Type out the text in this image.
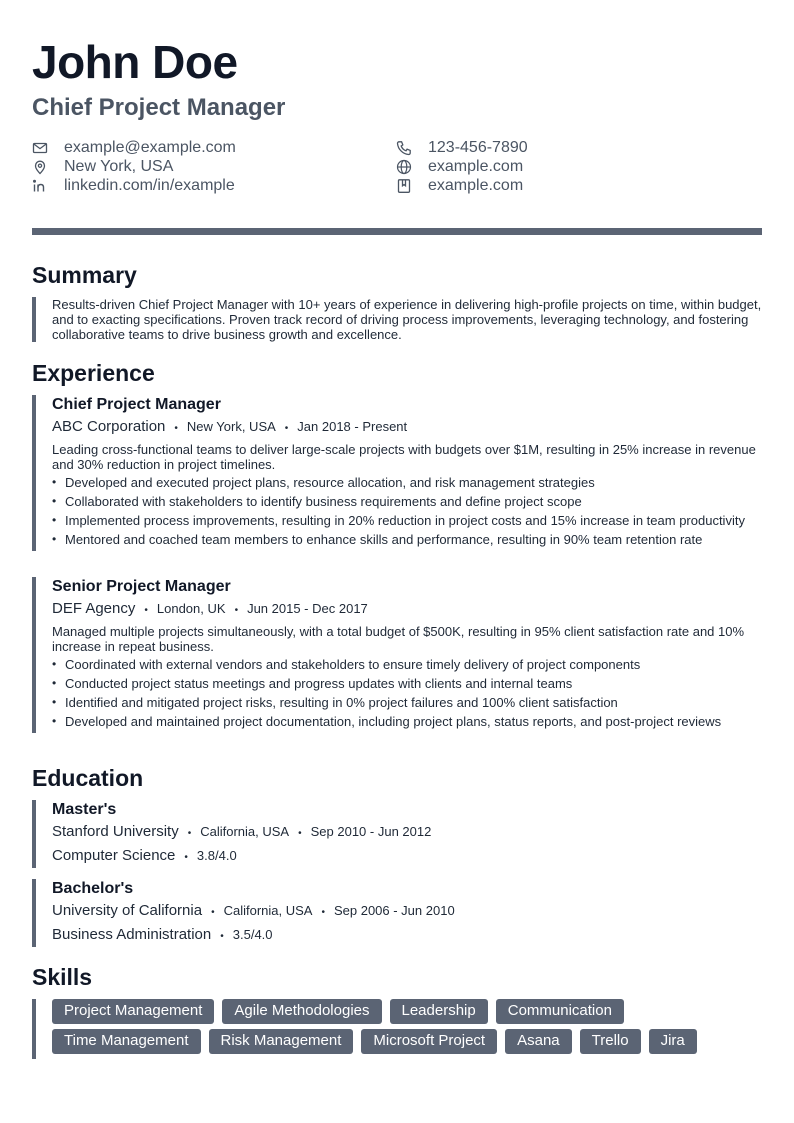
John Doe
Chief Project Manager
example@example.com
New York, USA
linkedin.com/in/example
123-456-7890
example.com
example.com
Summary
Results-driven Chief Project Manager with 10+ years of experience in delivering high-profile projects on time, within budget, and to exacting specifications. Proven track record of driving process improvements, leveraging technology, and fostering collaborative teams to drive business growth and excellence.
Experience
Chief Project Manager
ABC Corporation • New York, USA • Jan 2018 - Present
Leading cross-functional teams to deliver large-scale projects with budgets over $1M, resulting in 25% increase in revenue and 30% reduction in project timelines.
• Developed and executed project plans, resource allocation, and risk management strategies
• Collaborated with stakeholders to identify business requirements and define project scope
• Implemented process improvements, resulting in 20% reduction in project costs and 15% increase in team productivity
• Mentored and coached team members to enhance skills and performance, resulting in 90% team retention rate
Senior Project Manager
DEF Agency • London, UK • Jun 2015 - Dec 2017
Managed multiple projects simultaneously, with a total budget of $500K, resulting in 95% client satisfaction rate and 10% increase in repeat business.
• Coordinated with external vendors and stakeholders to ensure timely delivery of project components
• Conducted project status meetings and progress updates with clients and internal teams
• Identified and mitigated project risks, resulting in 0% project failures and 100% client satisfaction
• Developed and maintained project documentation, including project plans, status reports, and post-project reviews
Education
Master's
Stanford University • California, USA • Sep 2010 - Jun 2012
Computer Science • 3.8/4.0
Bachelor's
University of California • California, USA • Sep 2006 - Jun 2010
Business Administration • 3.5/4.0
Skills
Project Management	Agile Methodologies	Leadership	Communication
Time Management	Risk Management	Microsoft Project	Asana	Trello	Jira
